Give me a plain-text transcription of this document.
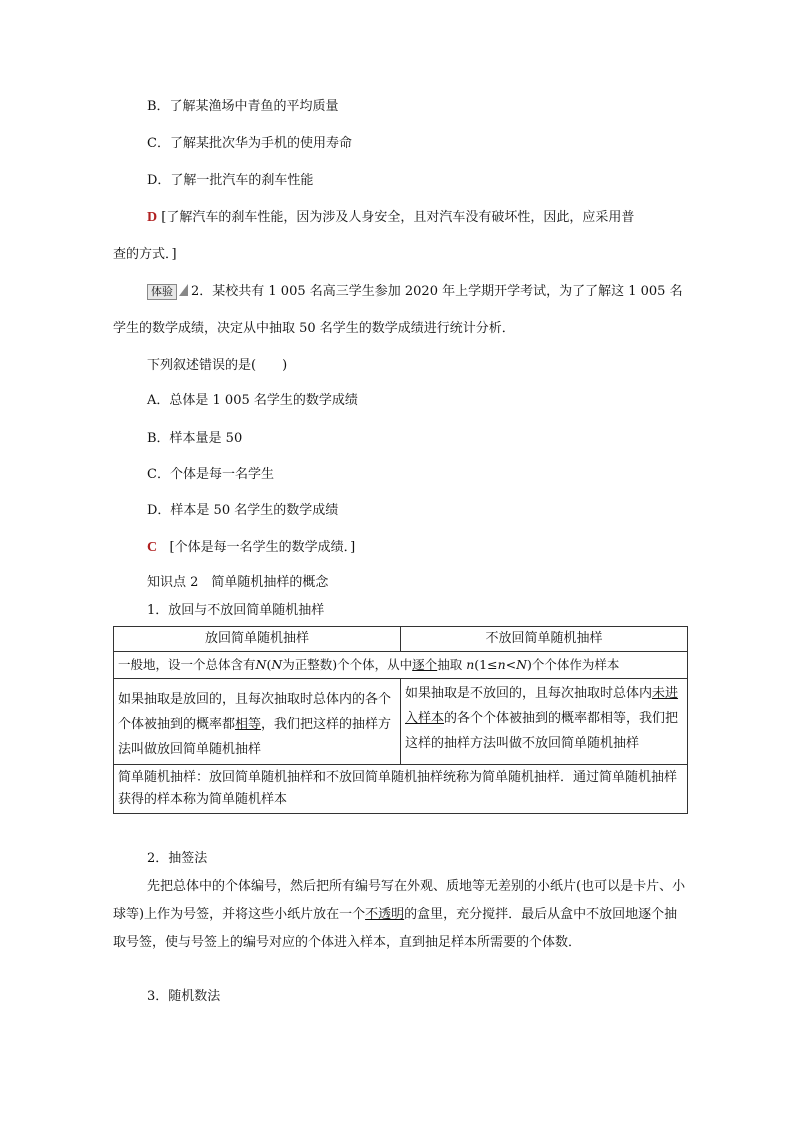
B．了解某渔场中青鱼的平均质量
C．了解某批次华为手机的使用寿命
D．了解一批汽车的刹车性能
D [了解汽车的刹车性能，因为涉及人身安全，且对汽车没有破坏性，因此，应采用普
查的方式．]
体验 2．某校共有 1 005 名高三学生参加 2020 年上学期开学考试，为了了解这 1 005 名
学生的数学成绩，决定从中抽取 50 名学生的数学成绩进行统计分析．
下列叙述错误的是(　　)
A．总体是 1 005 名学生的数学成绩
B．样本量是 50
C．个体是每一名学生
D．样本是 50 名学生的数学成绩
C [个体是每一名学生的数学成绩．]
知识点 2　简单随机抽样的概念
1．放回与不放回简单随机抽样
放回简单随机抽样	不放回简单随机抽样
一般地，设一个总体含有N(N为正整数)个个体，从中逐个抽取 n(1≤n<N)个个体作为样本	
如果抽取是放回的，且每次抽取时总体内的各个个体被抽到的概率都相等，我们把这样的抽样方法叫做放回简单随机抽样	如果抽取是不放回的，且每次抽取时总体内未进入样本的各个个体被抽到的概率都相等，我们把这样的抽样方法叫做不放回简单随机抽样
简单随机抽样：放回简单随机抽样和不放回简单随机抽样统称为简单随机抽样．通过简单随机抽样获得的样本称为简单随机样本	
2．抽签法
先把总体中的个体编号，然后把所有编号写在外观、质地等无差别的小纸片(也可以是卡片、小球等)上作为号签，并将这些小纸片放在一个不透明的盒里，充分搅拌．最后从盒中不放回地逐个抽取号签，使与号签上的编号对应的个体进入样本，直到抽足样本所需要的个体数．
3．随机数法
